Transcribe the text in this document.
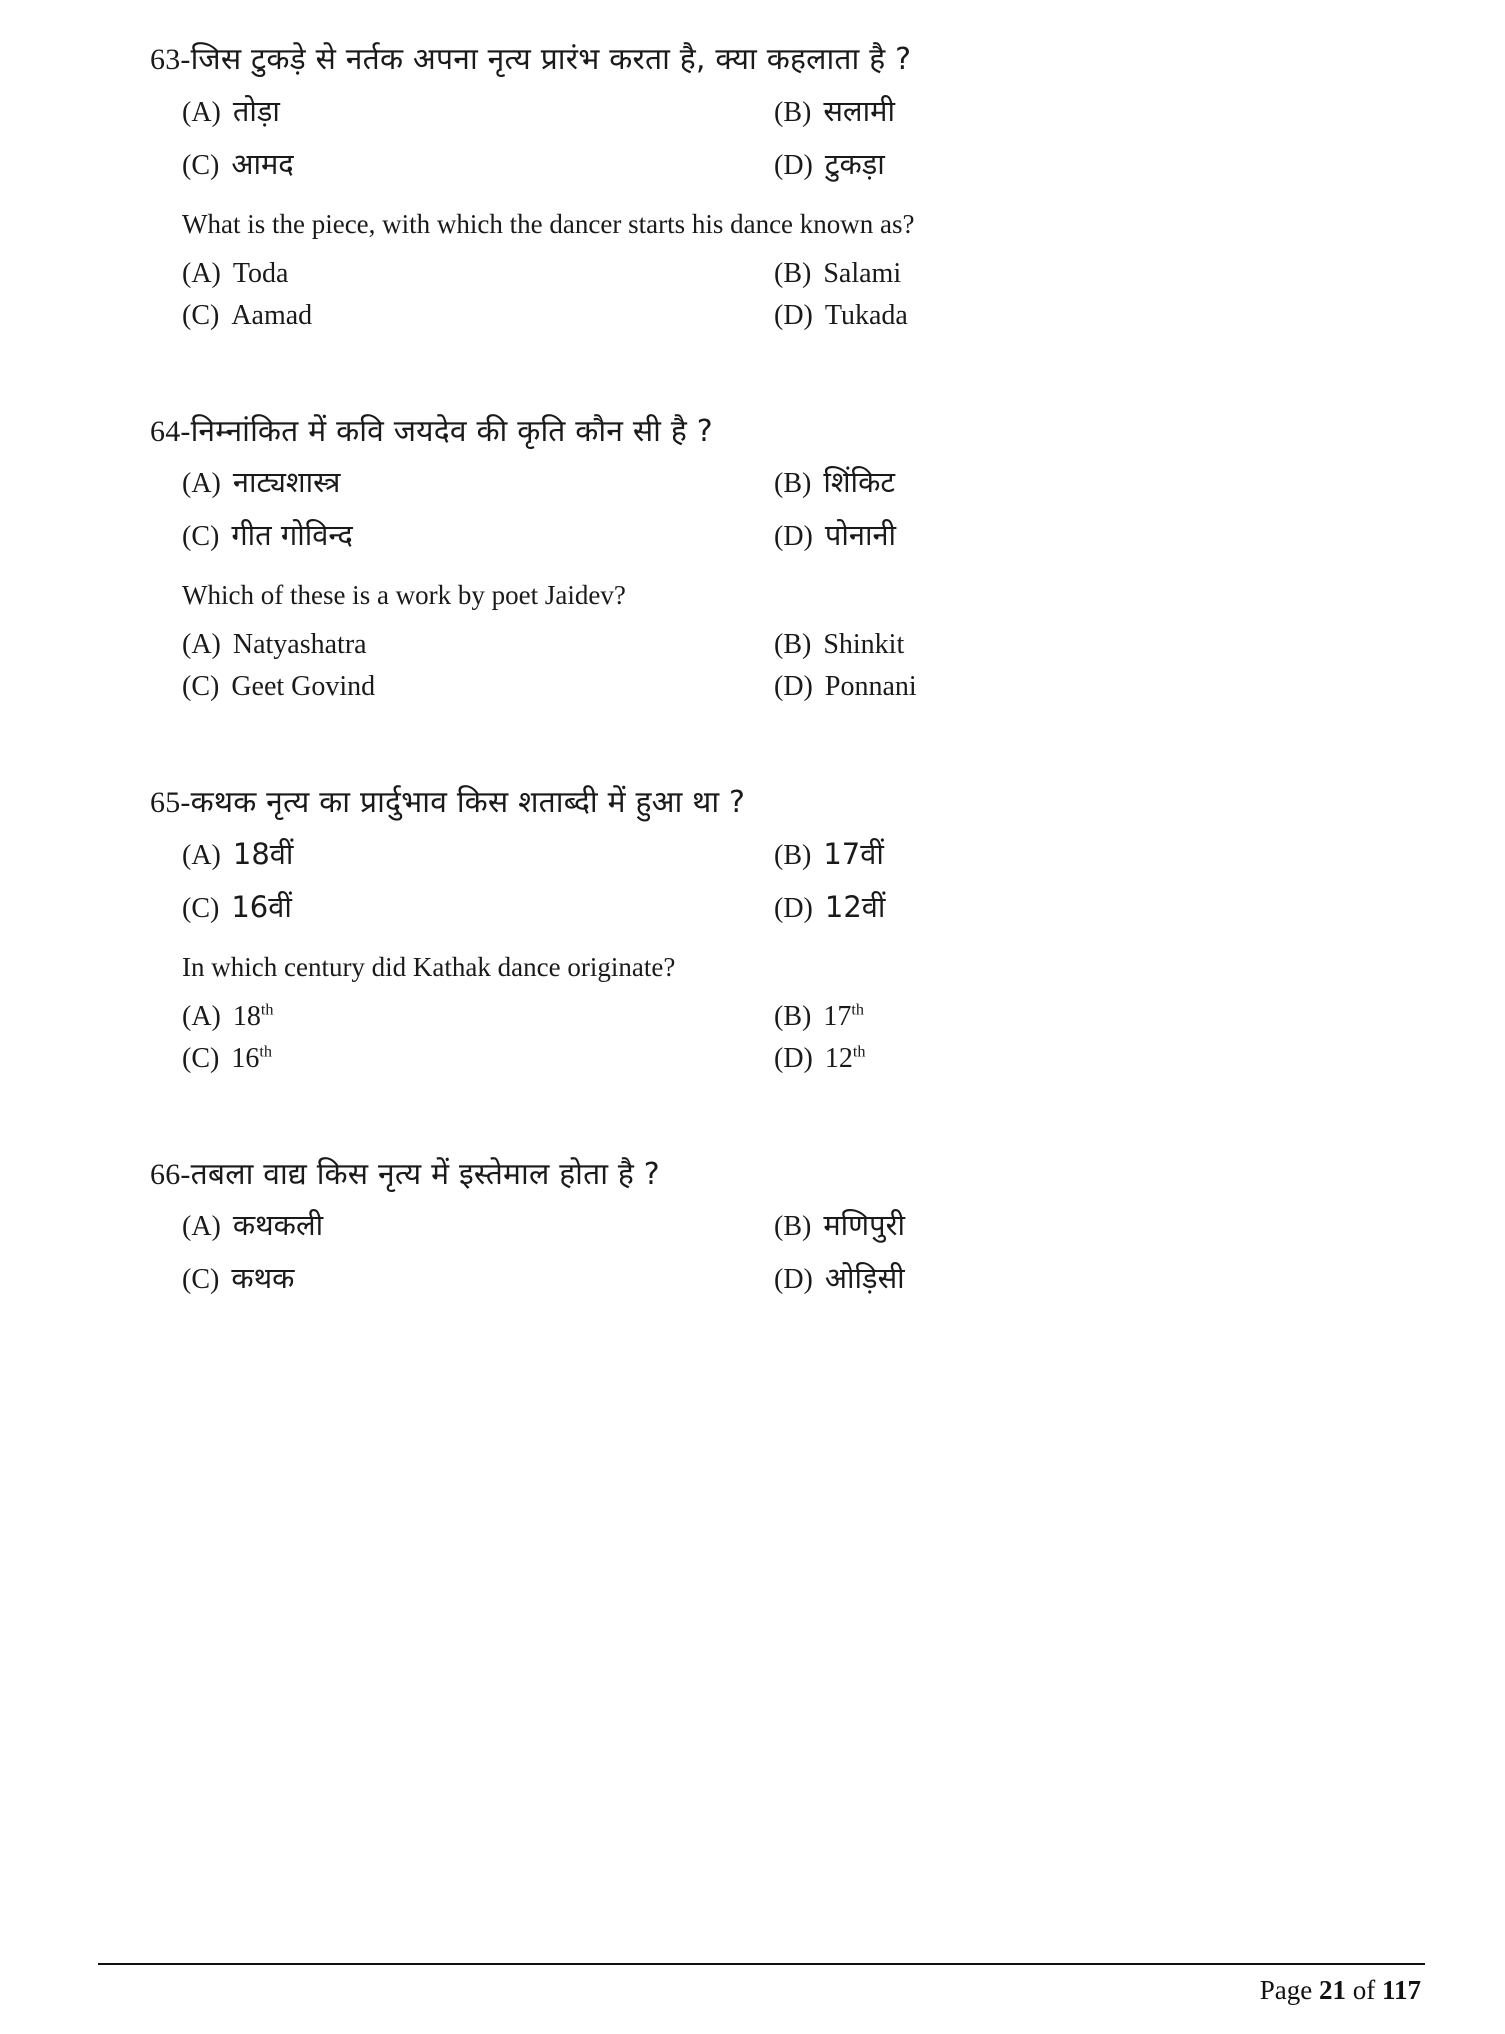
63-जिस टुकड़े से नर्तक अपना नृत्य प्रारंभ करता है, क्या कहलाता है ?

(A) तोड़ा	(B) सलामी
(C) आमद	(D) टुकड़ा

What is the piece, with which the dancer starts his dance known as?

(A) Toda	(B) Salami
(C) Aamad	(D) Tukada

64-निम्नांकित में कवि जयदेव की कृति कौन सी है ?

(A) नाट्यशास्त्र	(B) शिंकिट
(C) गीत गोविन्द	(D) पोनानी

Which of these is a work by poet Jaidev?

(A) Natyashatra	(B) Shinkit
(C) Geet Govind	(D) Ponnani

65-कथक नृत्य का प्रार्दुभाव किस शताब्दी में हुआ था ?

(A) 18वीं	(B) 17वीं
(C) 16वीं	(D) 12वीं

In which century did Kathak dance originate?

(A) 18th	(B) 17th
(C) 16th	(D) 12th

66-तबला वाद्य किस नृत्य में इस्तेमाल होता है ?

(A) कथकली	(B) मणिपुरी
(C) कथक	(D) ओड़िसी
Page 21 of 117
